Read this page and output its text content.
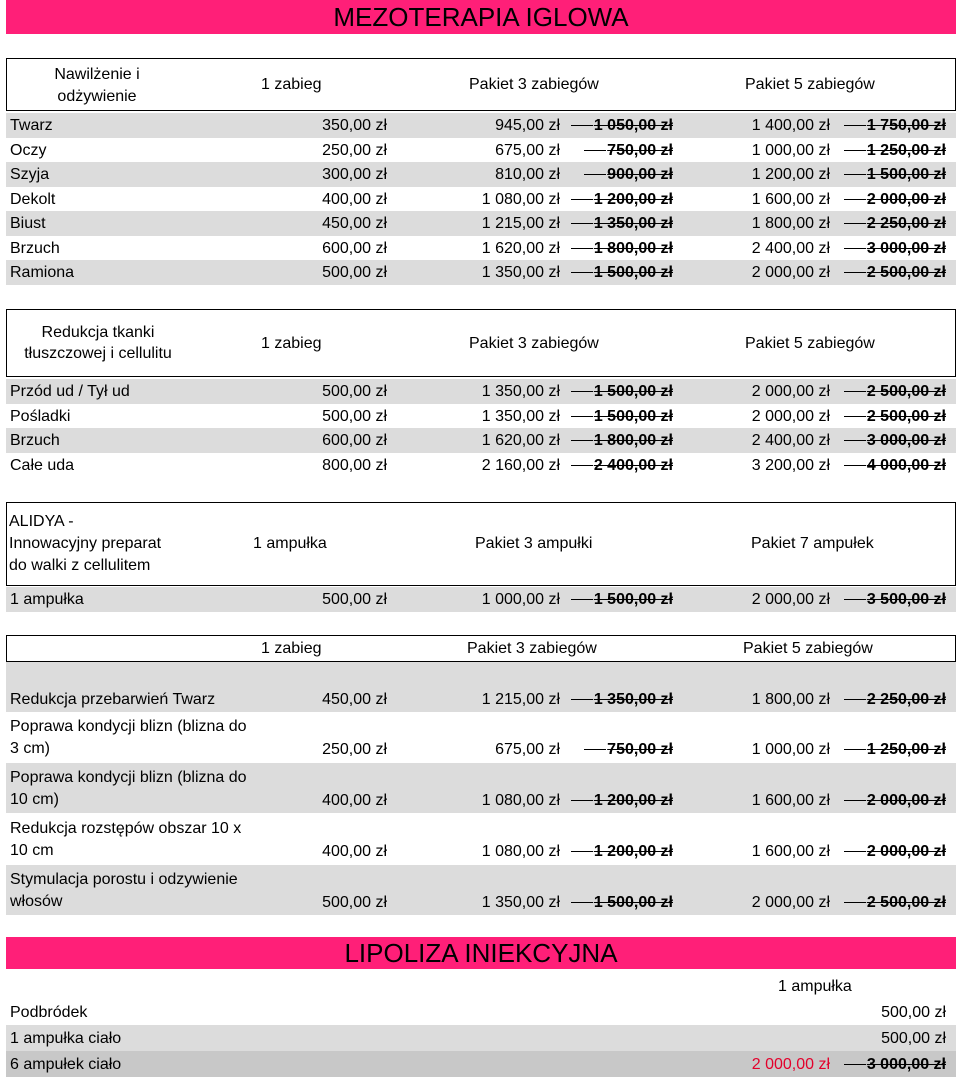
MEZOTERAPIA IGLOWA
Nawilżenie i odżywienie
1 zabieg	Pakiet 3 zabiegów	Pakiet 5 zabiegów
Twarz	350,00 zł	945,00 zł	1 050,00 zł	1 400,00 zł	1 750,00 zł
Oczy	250,00 zł	675,00 zł	750,00 zł	1 000,00 zł	1 250,00 zł
Szyja	300,00 zł	810,00 zł	900,00 zł	1 200,00 zł	1 500,00 zł
Dekolt	400,00 zł	1 080,00 zł	1 200,00 zł	1 600,00 zł	2 000,00 zł
Biust	450,00 zł	1 215,00 zł	1 350,00 zł	1 800,00 zł	2 250,00 zł
Brzuch	600,00 zł	1 620,00 zł	1 800,00 zł	2 400,00 zł	3 000,00 zł
Ramiona	500,00 zł	1 350,00 zł	1 500,00 zł	2 000,00 zł	2 500,00 zł
Redukcja tkanki
tłuszczowej i cellulitu
1 zabieg	Pakiet 3 zabiegów	Pakiet 5 zabiegów
Przód ud / Tył ud	500,00 zł	1 350,00 zł	1 500,00 zł	2 000,00 zł	2 500,00 zł
Pośladki	500,00 zł	1 350,00 zł	1 500,00 zł	2 000,00 zł	2 500,00 zł
Brzuch	600,00 zł	1 620,00 zł	1 800,00 zł	2 400,00 zł	3 000,00 zł
Całe uda	800,00 zł	2 160,00 zł	2 400,00 zł	3 200,00 zł	4 000,00 zł
ALIDYA -
Innowacyjny preparat
do walki z cellulitem
1 ampułka	Pakiet 3 ampułki	Pakiet 7 ampułek
1 ampułka	500,00 zł	1 000,00 zł	1 500,00 zł	2 000,00 zł	3 500,00 zł
1 zabieg	Pakiet 3 zabiegów	Pakiet 5 zabiegów
Redukcja przebarwień Twarz	450,00 zł	1 215,00 zł	1 350,00 zł	1 800,00 zł	2 250,00 zł
Poprawa kondycji blizn (blizna do
3 cm)	250,00 zł	675,00 zł	750,00 zł	1 000,00 zł	1 250,00 zł
Poprawa kondycji blizn (blizna do
10 cm)	400,00 zł	1 080,00 zł	1 200,00 zł	1 600,00 zł	2 000,00 zł
Redukcja rozstępów obszar 10 x
10 cm	400,00 zł	1 080,00 zł	1 200,00 zł	1 600,00 zł	2 000,00 zł
Stymulacja porostu i odzywienie
włosów	500,00 zł	1 350,00 zł	1 500,00 zł	2 000,00 zł	2 500,00 zł
LIPOLIZA INIEKCYJNA
1 ampułka
Podbródek	500,00 zł
1 ampułka ciało	500,00 zł
6 ampułek ciało	2 000,00 zł	3 000,00 zł
